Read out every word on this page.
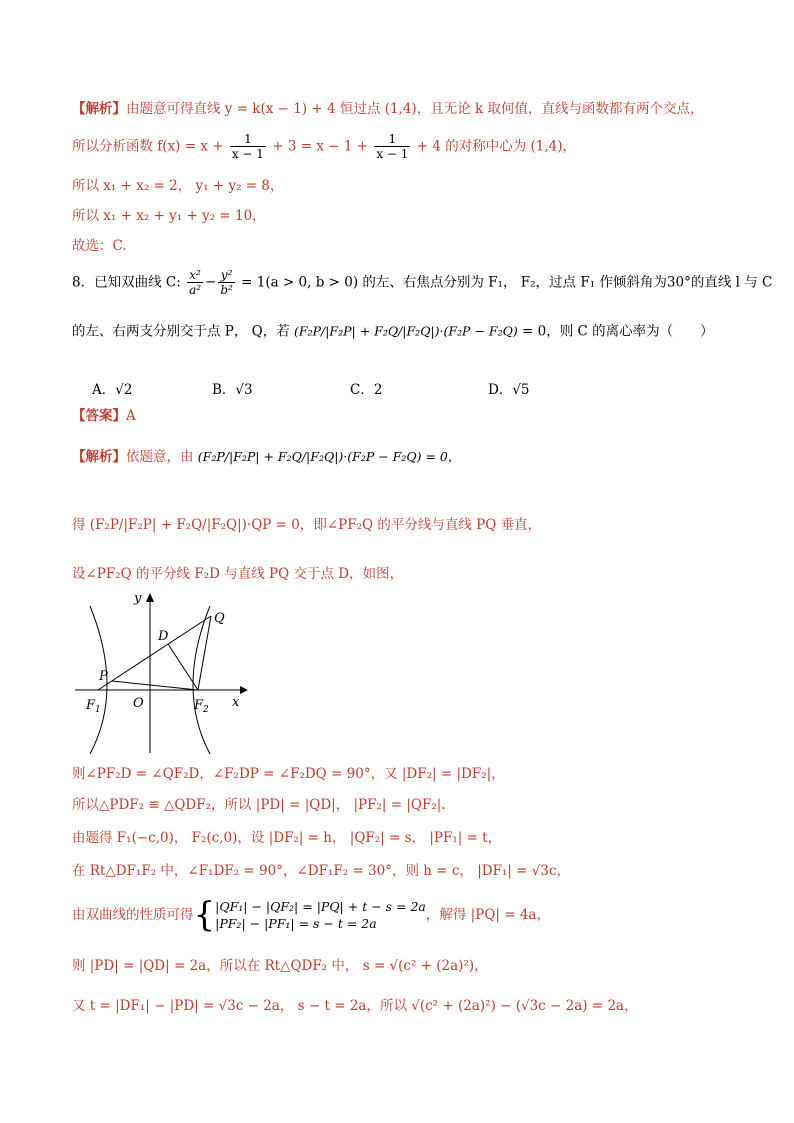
【解析】由题意可得直线 y = k(x − 1) + 4 恒过点 (1,4)，且无论 k 取何值，直线与函数都有两个交点，
所以分析函数 $f(x) = x + \frac{1}{x - 1} + 3 = x - 1 + \frac{1}{x - 1} + 4$ 的对称中心为 (1,4)，
所以 x₁ + x₂ = 2， y₁ + y₂ = 8，
所以 x₁ + x₂ + y₁ + y₂ = 10，
故选：C.
8．已知双曲线 C: $\frac{\text{x²}}{\text{a²}} - \frac{\text{y²}}{\text{b²}} = 1(a > 0$, b > 0) 的左、右焦点分别为 F₁， F₂，过点 F₁ 作倾斜角为30°的直线 l 与 C
的左、右两支分别交于点 P， Q，若 (F₂P/|F₂P| + F₂Q/|F₂Q|)·(F₂P − F₂Q) = 0，则 C 的离心率为（　　）
A．√2	B．√3	C．2	D．√5
【答案】A
【解析】依题意，由 (F₂P/|F₂P| + F₂Q/|F₂Q|)·(F₂P − F₂Q) = 0，
得 (F₂P/|F₂P| + F₂Q/|F₂Q|)·QP = 0，即∠PF₂Q 的平分线与直线 PQ 垂直，
设∠PF₂Q 的平分线 F₂D 与直线 PQ 交于点 D，如图，
y
x
O
P
Q
D
$F_1$	$F_2$
则∠PF₂D = ∠QF₂D，∠F₂DP = ∠F₂DQ = 90°，又 |DF₂| = |DF₂|，
所以△PDF₂ ≌ △QDF₂，所以 |PD| = |QD|， |PF₂| = |QF₂|.
由题得 F₁(−c,0)， F₂(c,0)，设 |DF₂| = h， |QF₂| = s， |PF₁| = t，
在 Rt△DF₁F₂ 中，∠F₁DF₂ = 90°，∠DF₁F₂ = 30°，则 h = c， |DF₁| = √3c，
由双曲线的性质可得{ |QF₁| − |QF₂| = |PQ| + t − s = 2a
|PF₂| − |PF₁| = s − t = 2a
，解得 |PQ| = 4a，
则 |PD| = |QD| = 2a，所以在 Rt△QDF₂ 中， s = √(c² + (2a)²)，
又 t = |DF₁| − |PD| = √3c − 2a， s − t = 2a，所以 √(c² + (2a)²) − (√3c − 2a) = 2a，
